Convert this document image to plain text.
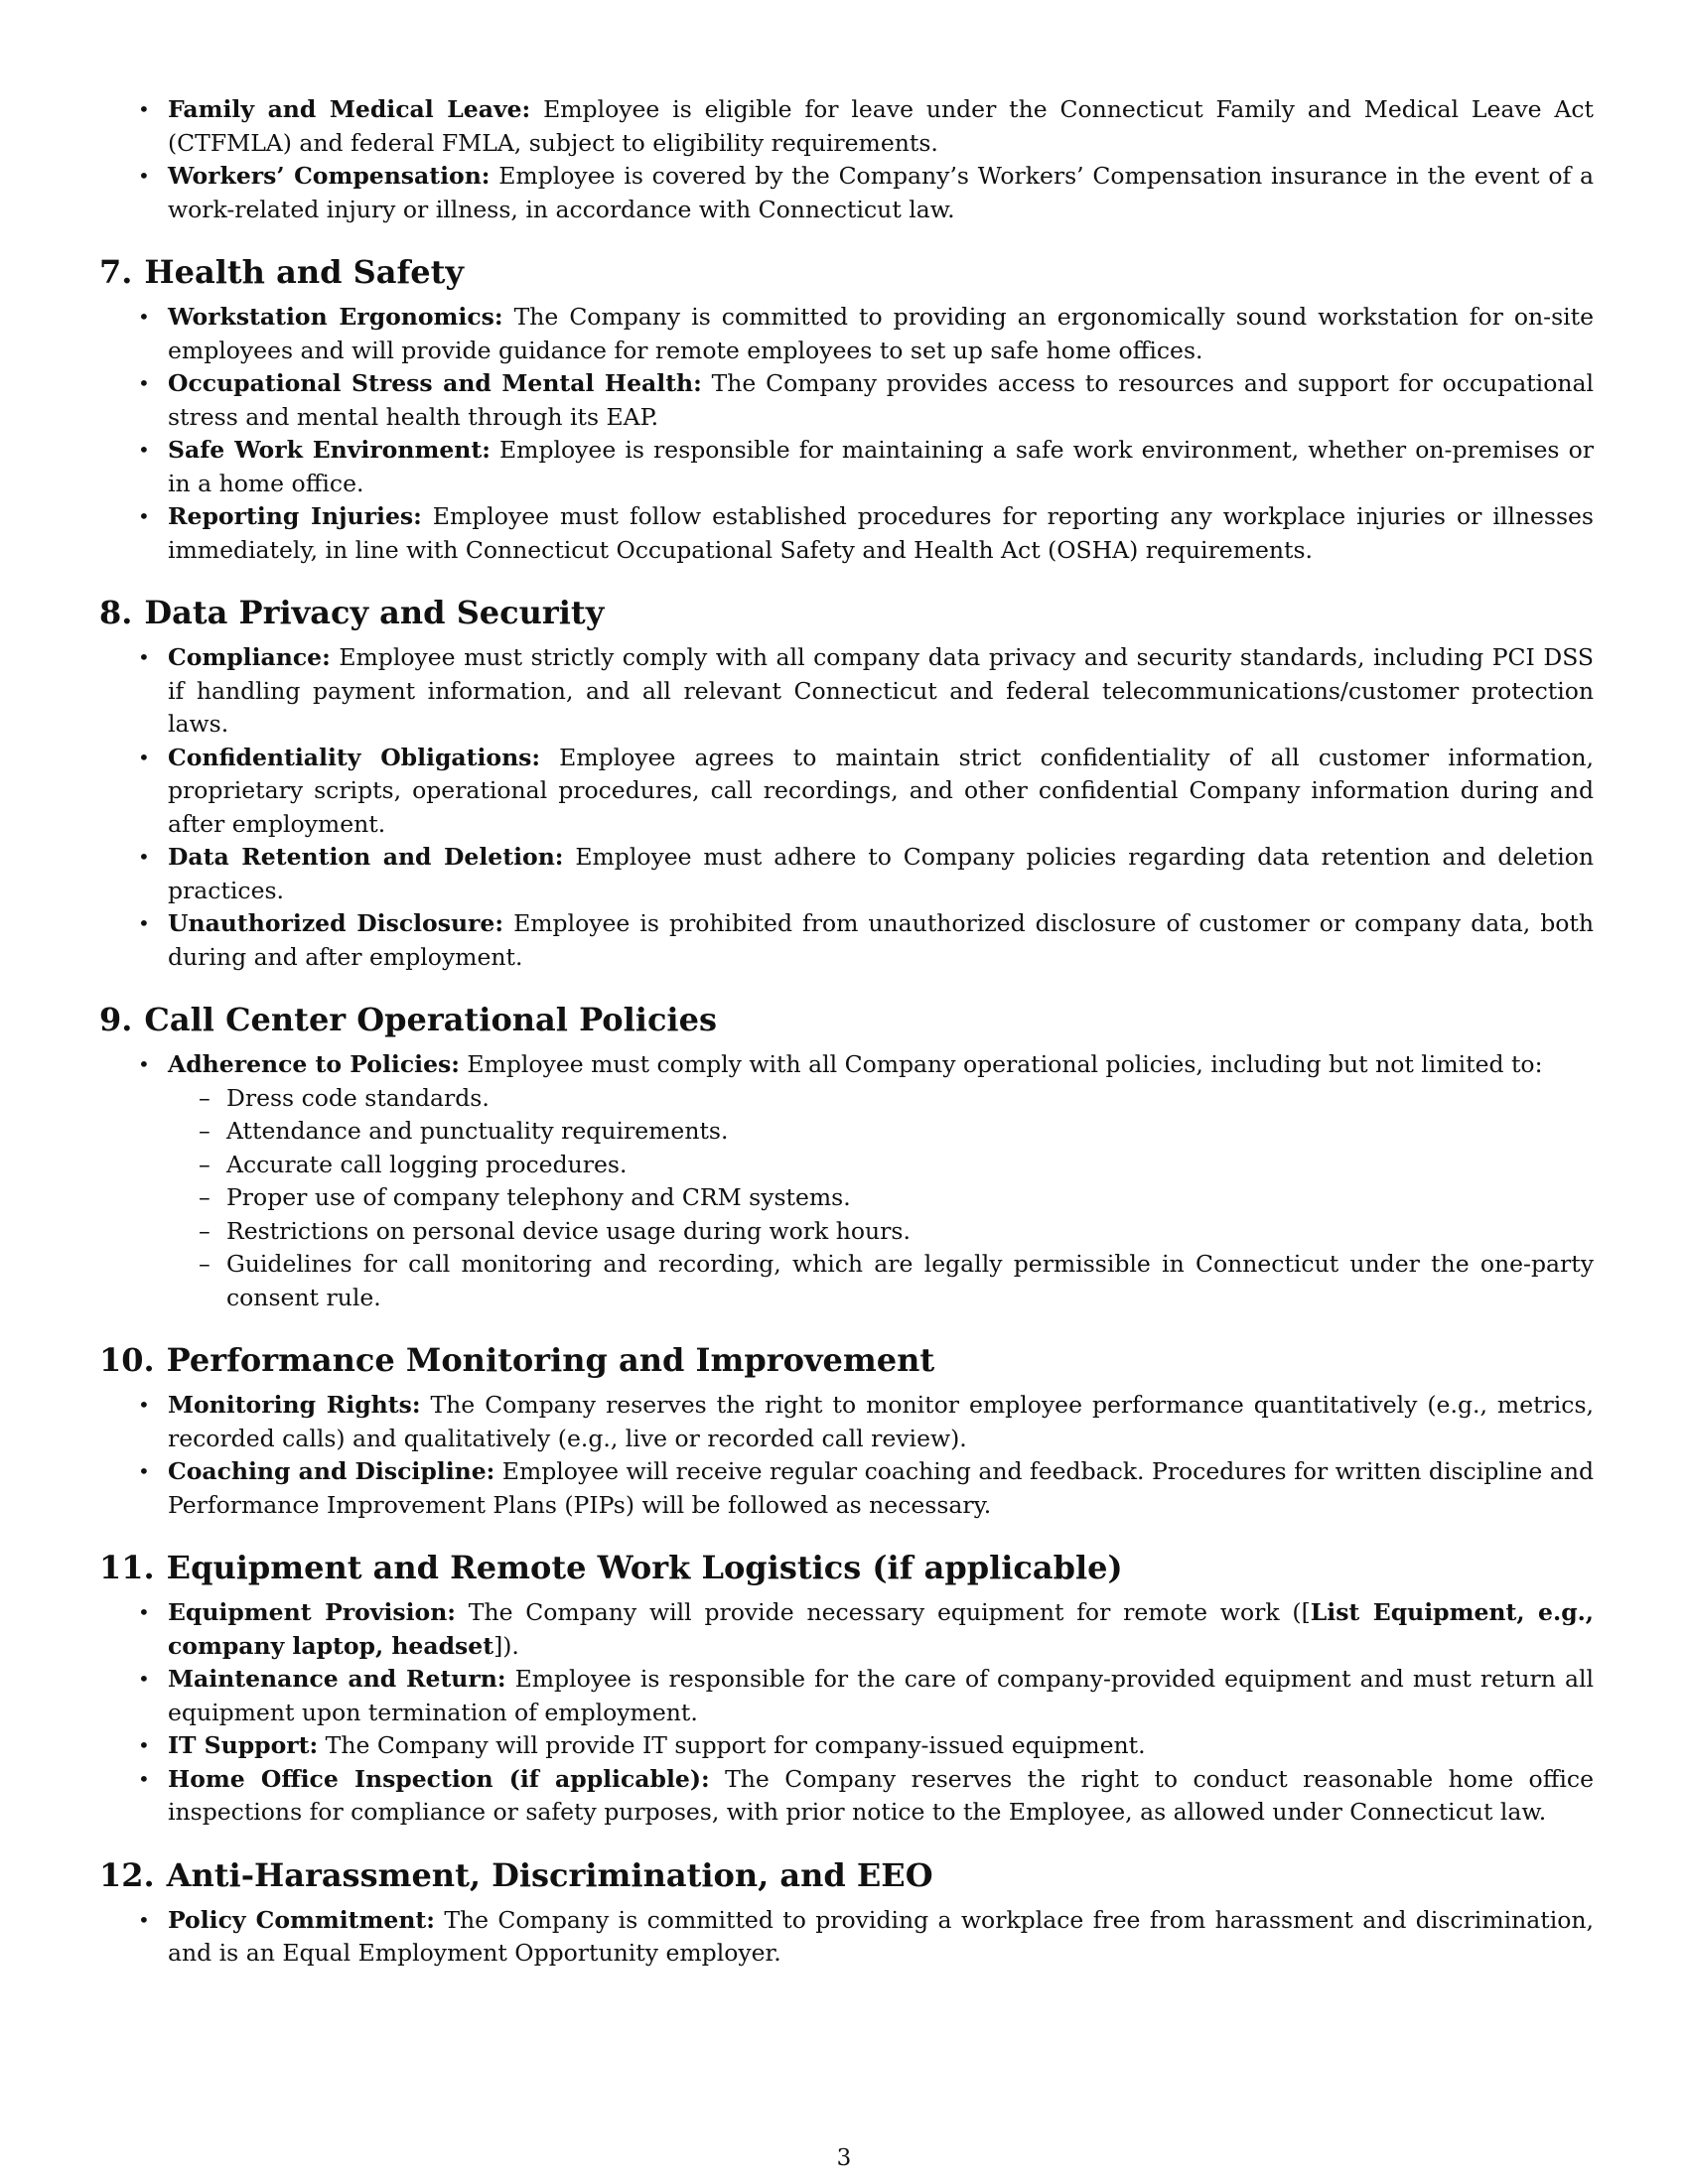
• Family and Medical Leave: Employee is eligible for leave under the Connecticut Family and Medical Leave Act (CTFMLA) and federal FMLA, subject to eligibility requirements.
• Workers’ Compensation: Employee is covered by the Company’s Workers’ Compensation insurance in the event of a work-related injury or illness, in accordance with Connecticut law.
7. Health and Safety
• Workstation Ergonomics: The Company is committed to providing an ergonomically sound workstation for on-site employees and will provide guidance for remote employees to set up safe home offices.
• Occupational Stress and Mental Health: The Company provides access to resources and support for occupational stress and mental health through its EAP.
• Safe Work Environment: Employee is responsible for maintaining a safe work environment, whether on-premises or in a home office.
• Reporting Injuries: Employee must follow established procedures for reporting any workplace injuries or illnesses immediately, in line with Connecticut Occupational Safety and Health Act (OSHA) requirements.
8. Data Privacy and Security
• Compliance: Employee must strictly comply with all company data privacy and security standards, including PCI DSS if handling payment information, and all relevant Connecticut and federal telecommunications/customer protection laws.
• Confidentiality Obligations: Employee agrees to maintain strict confidentiality of all customer information, proprietary scripts, operational procedures, call recordings, and other confidential Company information during and after employment.
• Data Retention and Deletion: Employee must adhere to Company policies regarding data retention and deletion practices.
• Unauthorized Disclosure: Employee is prohibited from unauthorized disclosure of customer or company data, both during and after employment.
9. Call Center Operational Policies
• Adherence to Policies: Employee must comply with all Company operational policies, including but not limited to:
– Dress code standards.
– Attendance and punctuality requirements.
– Accurate call logging procedures.
– Proper use of company telephony and CRM systems.
– Restrictions on personal device usage during work hours.
– Guidelines for call monitoring and recording, which are legally permissible in Connecticut under the one-party consent rule.
10. Performance Monitoring and Improvement
• Monitoring Rights: The Company reserves the right to monitor employee performance quantitatively (e.g., metrics, recorded calls) and qualitatively (e.g., live or recorded call review).
• Coaching and Discipline: Employee will receive regular coaching and feedback. Procedures for written discipline and Performance Improvement Plans (PIPs) will be followed as necessary.
11. Equipment and Remote Work Logistics (if applicable)
• Equipment Provision: The Company will provide necessary equipment for remote work ([List Equipment, e.g., company laptop, headset]).
• Maintenance and Return: Employee is responsible for the care of company-provided equipment and must return all equipment upon termination of employment.
• IT Support: The Company will provide IT support for company-issued equipment.
• Home Office Inspection (if applicable): The Company reserves the right to conduct reasonable home office inspections for compliance or safety purposes, with prior notice to the Employee, as allowed under Connecticut law.
12. Anti-Harassment, Discrimination, and EEO
• Policy Commitment: The Company is committed to providing a workplace free from harassment and discrimination, and is an Equal Employment Opportunity employer.
3
